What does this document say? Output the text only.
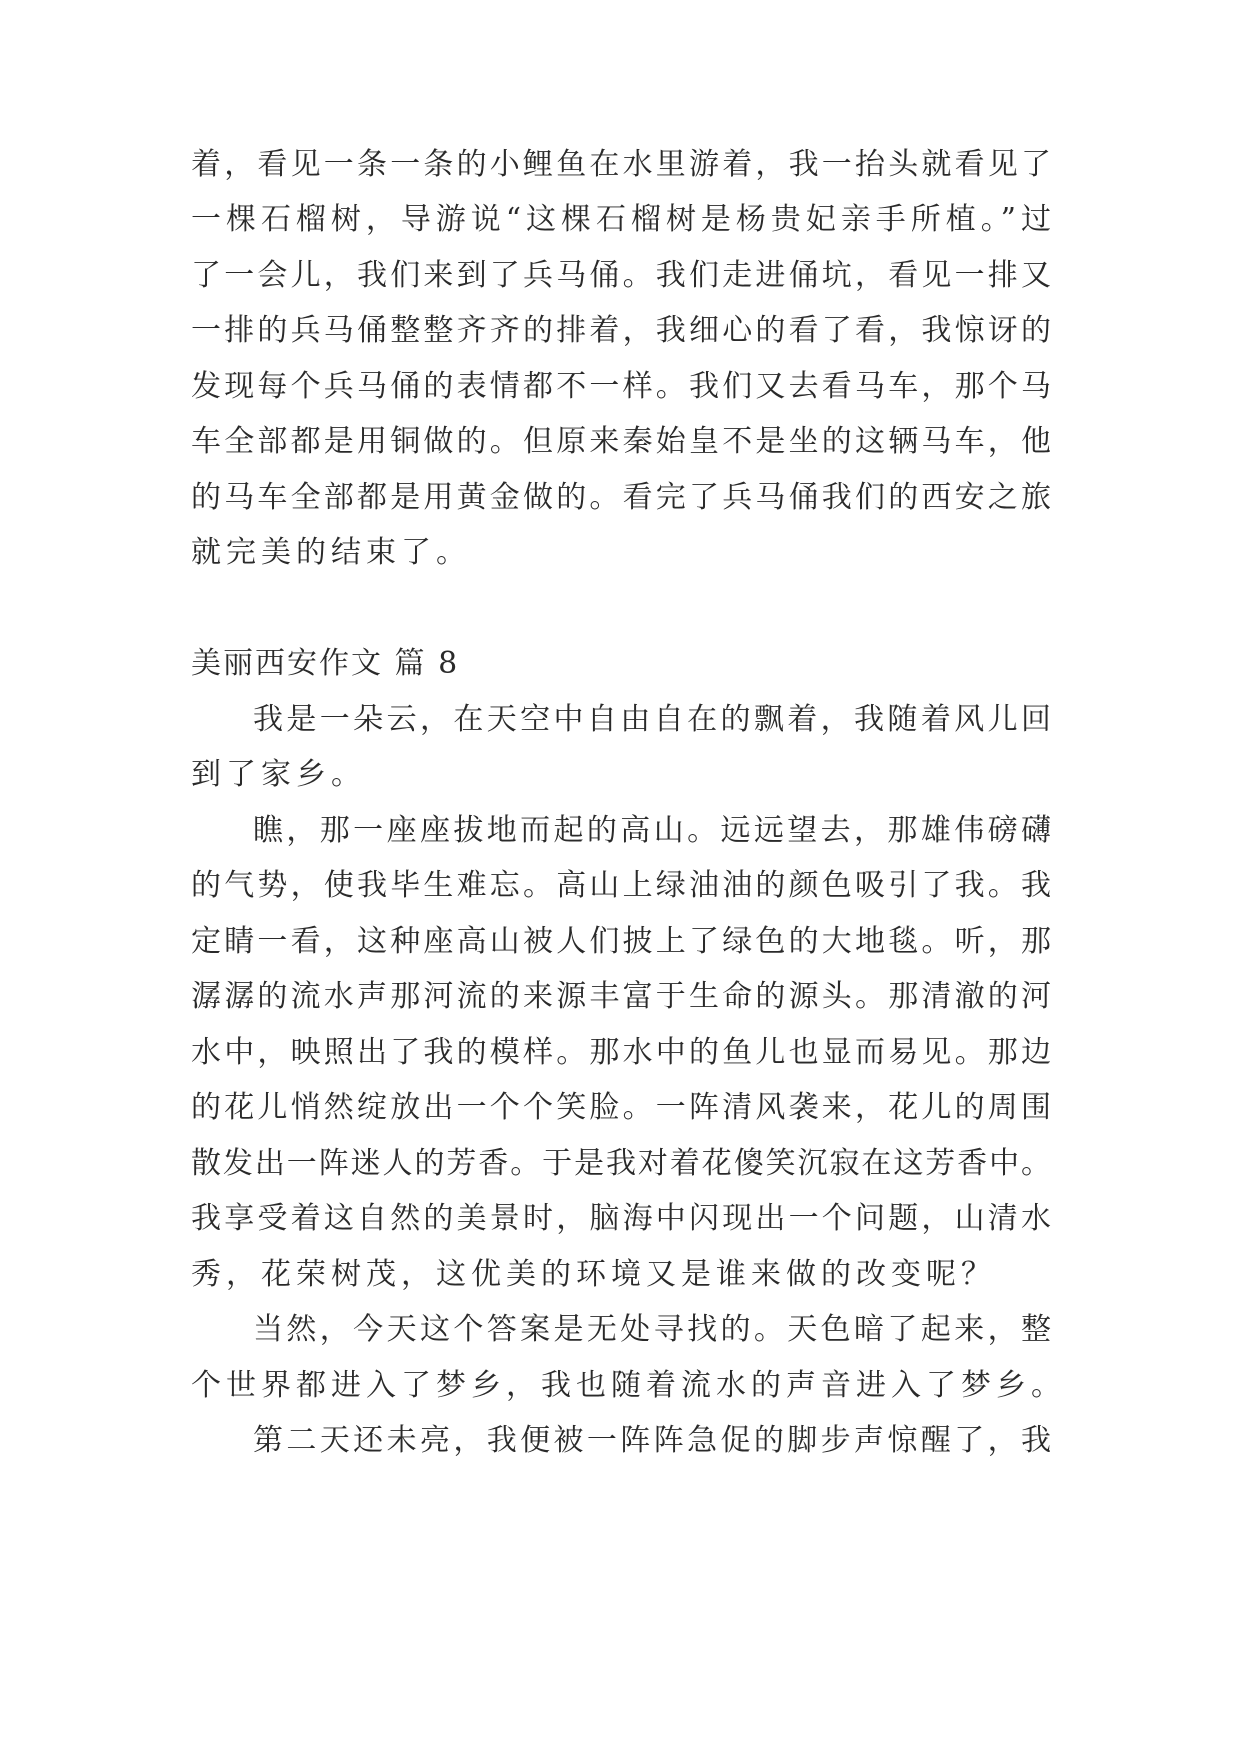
着，看见一条一条的小鲤鱼在水里游着，我一抬头就看见了
一棵石榴树，导游说“这棵石榴树是杨贵妃亲手所植。”过
了一会儿，我们来到了兵马俑。我们走进俑坑，看见一排又
一排的兵马俑整整齐齐的排着，我细心的看了看，我惊讶的
发现每个兵马俑的表情都不一样。我们又去看马车，那个马
车全部都是用铜做的。但原来秦始皇不是坐的这辆马车，他
的马车全部都是用黄金做的。看完了兵马俑我们的西安之旅
就完美的结束了。
美丽西安作文 篇 8
我是一朵云，在天空中自由自在的飘着，我随着风儿回
到了家乡。
瞧，那一座座拔地而起的高山。远远望去，那雄伟磅礴
的气势，使我毕生难忘。高山上绿油油的颜色吸引了我。我
定睛一看，这种座高山被人们披上了绿色的大地毯。听，那
潺潺的流水声那河流的来源丰富于生命的源头。那清澈的河
水中，映照出了我的模样。那水中的鱼儿也显而易见。那边
的花儿悄然绽放出一个个笑脸。一阵清风袭来，花儿的周围
散发出一阵迷人的芳香。于是我对着花傻笑沉寂在这芳香中。
我享受着这自然的美景时，脑海中闪现出一个问题，山清水
秀，花荣树茂，这优美的环境又是谁来做的改变呢？
当然，今天这个答案是无处寻找的。天色暗了起来，整
个世界都进入了梦乡，我也随着流水的声音进入了梦乡。
第二天还未亮，我便被一阵阵急促的脚步声惊醒了，我
